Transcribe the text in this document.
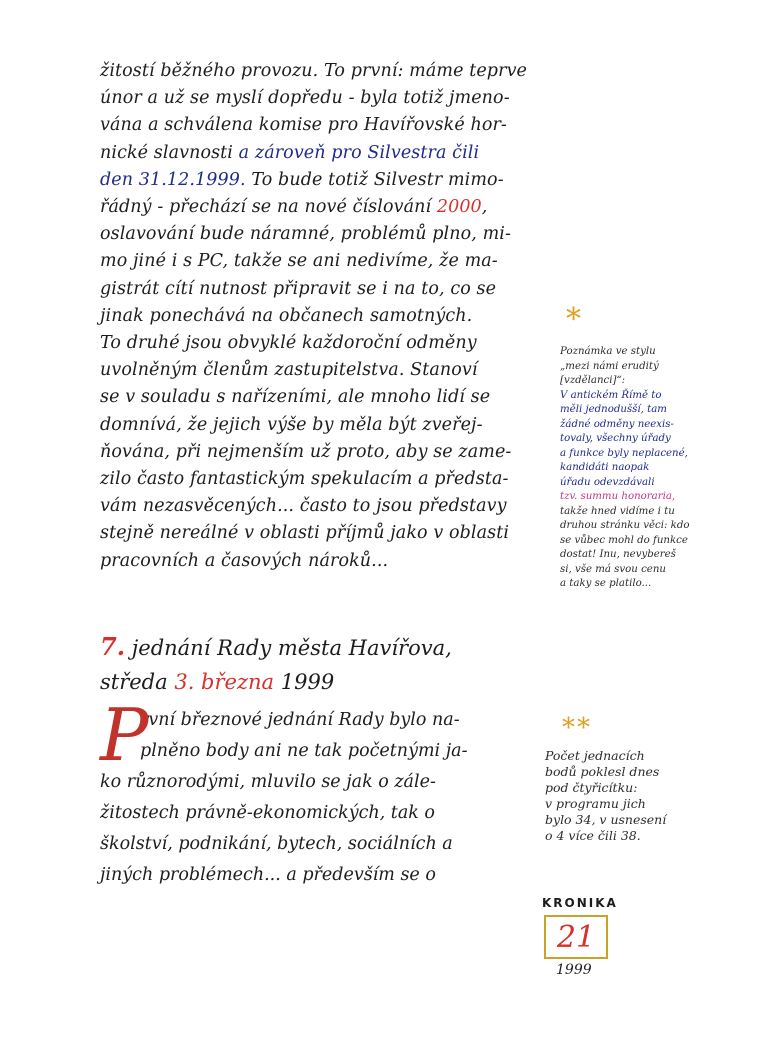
žitostí běžného provozu. To první: máme teprve
únor a už se myslí dopředu - byla totiž jmeno-
vána a schválena komise pro Havířovské hor-
nické slavnosti a zároveň pro Silvestra čili
den 31.12.1999. To bude totiž Silvestr mimo-
řádný - přechází se na nové číslování 2000,
oslavování bude náramné, problémů plno, mi-
mo jiné i s PC, takže se ani nedivíme, že ma-
gistrát cítí nutnost připravit se i na to, co se
jinak ponechává na občanech samotných.
To druhé jsou obvyklé každoroční odměny
uvolněným členům zastupitelstva. Stanoví
se v souladu s nařízeními, ale mnoho lidí se
domnívá, že jejich výše by měla být zveřej-
ňována, při nejmenším už proto, aby se zame-
zilo často fantastickým spekulacím a předsta-
vám nezasvěcených... často to jsou představy
stejně nereálné v oblasti příjmů jako v oblasti
pracovních a časových nároků...
7. jednání Rady města Havířova,
středa 3. března 1999
P
rvní březnové jednání Rady bylo na-
plněno body ani ne tak početnými ja-
ko různorodými, mluvilo se jak o zále-
žitostech právně-ekonomických, tak o
školství, podnikání, bytech, sociálních a
jiných problémech... a především se o
*
Poznámka ve stylu
„mezi námi eruditý
[vzdělanci]“:
V antickém Římě to
měli jednodušší, tam
žádné odměny neexis-
tovaly, všechny úřady
a funkce byly neplacené,
kandidáti naopak
úřadu odevzdávali
tzv. summu honoraria,
takže hned vidíme i tu
druhou stránku věci: kdo
se vůbec mohl do funkce
dostat! Inu, nevybereš
si, vše má svou cenu
a taky se platilo...
**
Počet jednacích
bodů poklesl dnes
pod čtyřicítku:
v programu jich
bylo 34, v usnesení
o 4 více čili 38.
KRONIKA
21
1999
